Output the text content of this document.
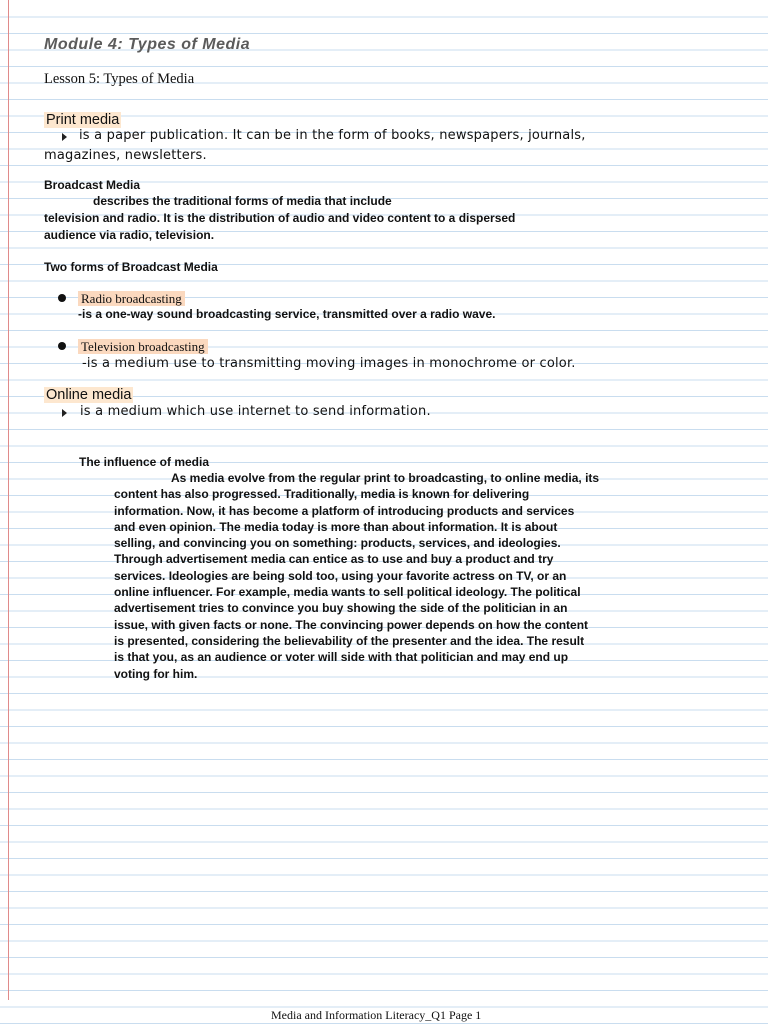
Module 4: Types of Media

Lesson 5: Types of Media

Print media

is a paper publication. It can be in the form of books, newspapers, journals,

magazines, newsletters.

Broadcast Media

describes the traditional forms of media that include

television and radio. It is the distribution of audio and video content to a dispersed

audience via radio, television.

Two forms of Broadcast Media

Radio broadcasting

-is a one-way sound broadcasting service, transmitted over a radio wave.

Television broadcasting

-is a medium use to transmitting moving images in monochrome or color.

Online media

is a medium which use internet to send information.

The influence of media

As media evolve from the regular print to broadcasting, to online media, its
content has also progressed. Traditionally, media is known for delivering
information. Now, it has become a platform of introducing products and services
and even opinion. The media today is more than about information. It is about
selling, and convincing you on something: products, services, and ideologies.
Through advertisement media can entice as to use and buy a product and try
services. Ideologies are being sold too, using your favorite actress on TV, or an
online influencer. For example, media wants to sell political ideology. The political
advertisement tries to convince you buy showing the side of the politician in an
issue, with given facts or none. The convincing power depends on how the content
is presented, considering the believability of the presenter and the idea. The result
is that you, as an audience or voter will side with that politician and may end up
voting for him.

Media and Information Literacy_Q1 Page 1
